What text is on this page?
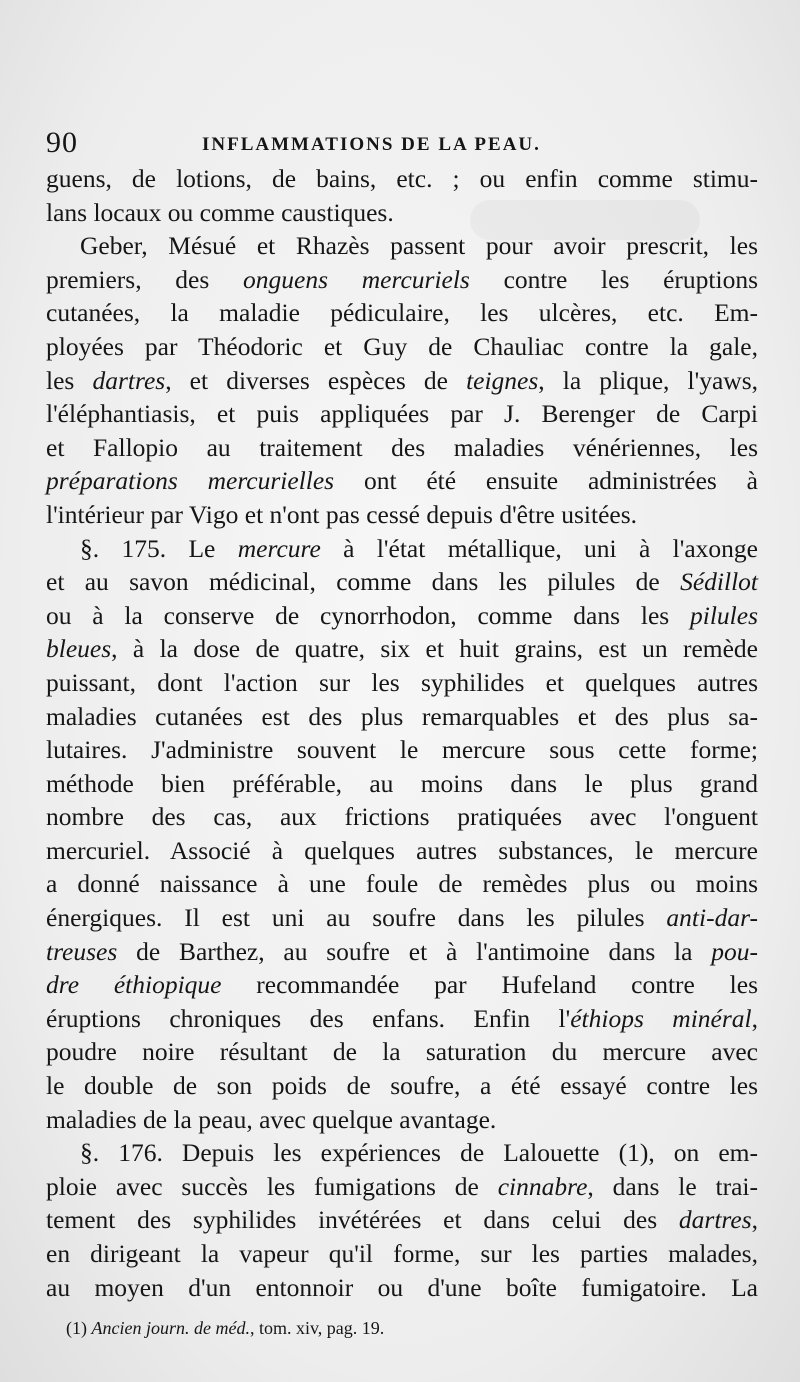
90	INFLAMMATIONS DE LA PEAU.
guens, de lotions, de bains, etc. ; ou enfin comme stimu-
lans locaux ou comme caustiques.
Geber, Mésué et Rhazès passent pour avoir prescrit, les
premiers, des onguens mercuriels contre les éruptions
cutanées, la maladie pédiculaire, les ulcères, etc. Em-
ployées par Théodoric et Guy de Chauliac contre la gale,
les dartres, et diverses espèces de teignes, la plique, l'yaws,
l'éléphantiasis, et puis appliquées par J. Berenger de Carpi
et Fallopio au traitement des maladies vénériennes, les
préparations mercurielles ont été ensuite administrées à
l'intérieur par Vigo et n'ont pas cessé depuis d'être usitées.
§. 175. Le mercure à l'état métallique, uni à l'axonge
et au savon médicinal, comme dans les pilules de Sédillot
ou à la conserve de cynorrhodon, comme dans les pilules
bleues, à la dose de quatre, six et huit grains, est un remède
puissant, dont l'action sur les syphilides et quelques autres
maladies cutanées est des plus remarquables et des plus sa-
lutaires. J'administre souvent le mercure sous cette forme;
méthode bien préférable, au moins dans le plus grand
nombre des cas, aux frictions pratiquées avec l'onguent
mercuriel. Associé à quelques autres substances, le mercure
a donné naissance à une foule de remèdes plus ou moins
énergiques. Il est uni au soufre dans les pilules anti-dar-
treuses de Barthez, au soufre et à l'antimoine dans la pou-
dre éthiopique recommandée par Hufeland contre les
éruptions chroniques des enfans. Enfin l'éthiops minéral,
poudre noire résultant de la saturation du mercure avec
le double de son poids de soufre, a été essayé contre les
maladies de la peau, avec quelque avantage.
§. 176. Depuis les expériences de Lalouette (1), on em-
ploie avec succès les fumigations de cinnabre, dans le trai-
tement des syphilides invétérées et dans celui des dartres,
en dirigeant la vapeur qu'il forme, sur les parties malades,
au moyen d'un entonnoir ou d'une boîte fumigatoire. La
(1) Ancien journ. de méd., tom. xiv, pag. 19.
